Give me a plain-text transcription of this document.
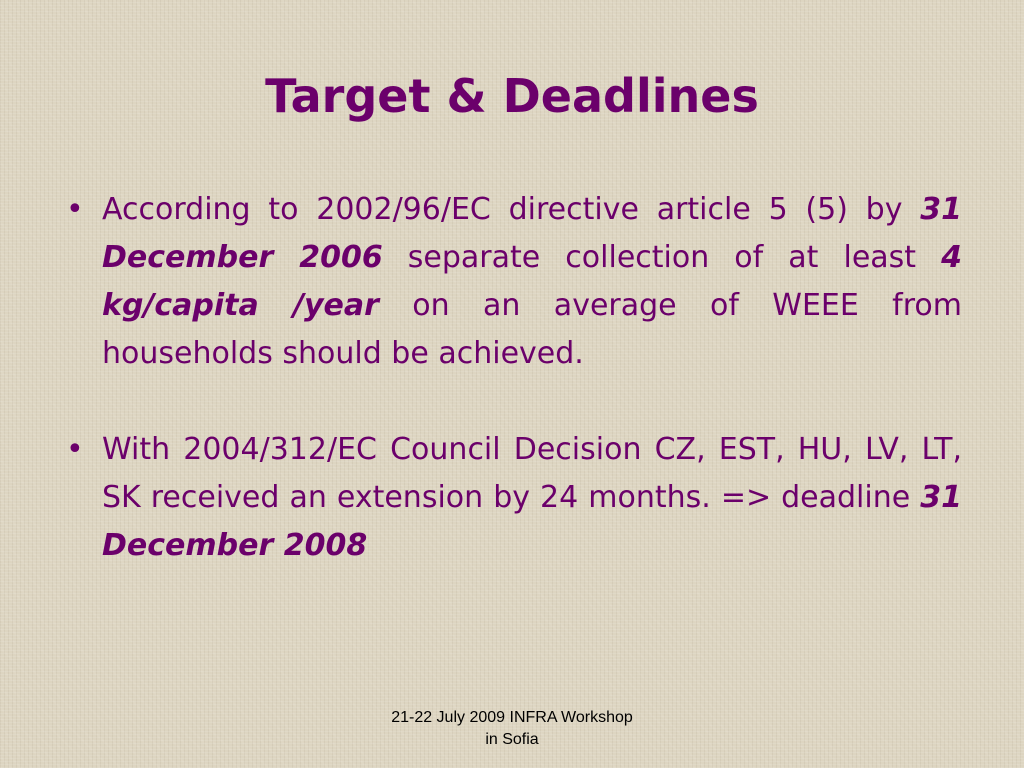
Target & Deadlines
• According to 2002/96/EC directive article 5 (5) by 31 December 2006 separate collection of at least 4 kg/capita /year on an average of WEEE from households should be achieved.
• With 2004/312/EC Council Decision CZ, EST, HU, LV, LT, SK received an extension by 24 months. => deadline 31 December 2008
21-22 July 2009 INFRA Workshop
in Sofia
